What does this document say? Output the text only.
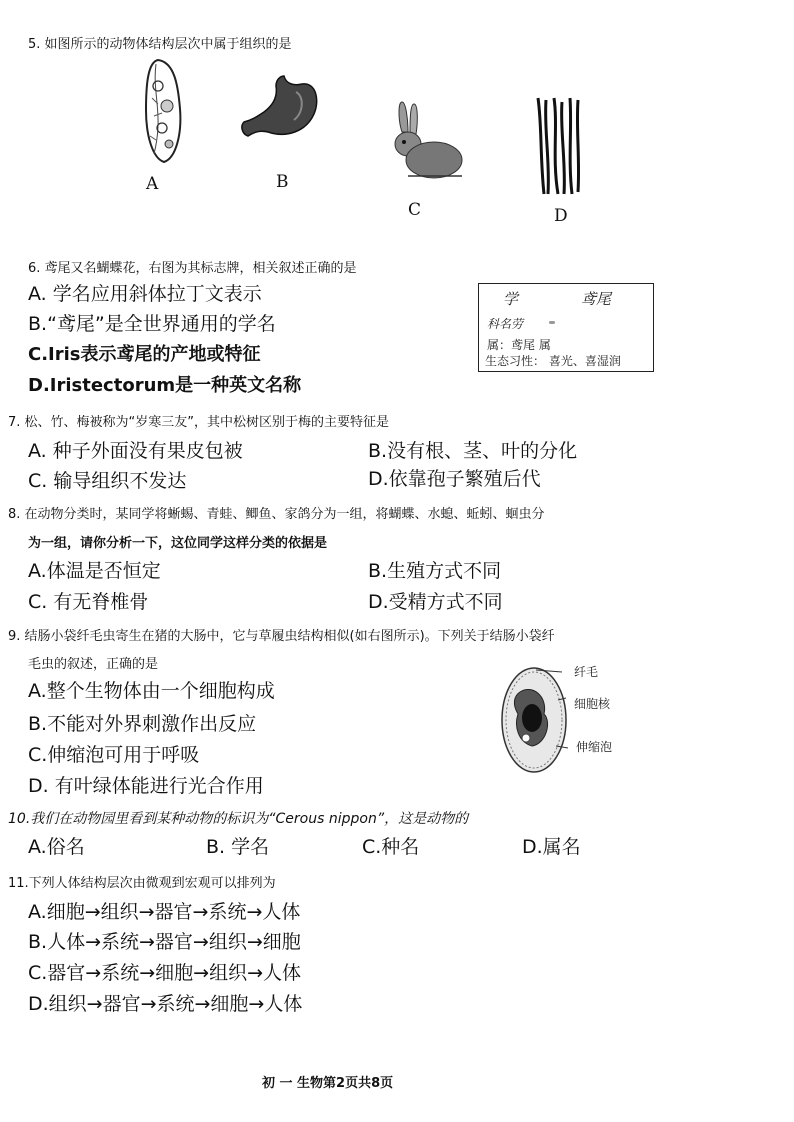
5. 如图所示的动物体结构层次中属于组织的是
A	B
C	D
6. 鸢尾又名蝴蝶花，右图为其标志牌，相关叙述正确的是
A. 学名应用斜体拉丁文表示
B.“鸢尾”是全世界通用的学名
C.Iris表示鸢尾的产地或特征
D.Iristectorum是一种英文名称
学	鸢尾
科名劳
属：鸢尾 属
生态习性： 喜光、喜湿润
7. 松、竹、梅被称为“岁寒三友”，其中松树区别于梅的主要特征是
A. 种子外面没有果皮包被	B.没有根、茎、叶的分化
C. 输导组织不发达	D.依靠孢子繁殖后代
8. 在动物分类时，某同学将蜥蜴、青蛙、鲫鱼、家鸽分为一组，将蝴蝶、水螅、蚯蚓、蛔虫分
为一组，请你分析一下，这位同学这样分类的依据是
A.体温是否恒定	B.生殖方式不同
C. 有无脊椎骨	D.受精方式不同
9. 结肠小袋纤毛虫寄生在猪的大肠中，它与草履虫结构相似(如右图所示)。下列关于结肠小袋纤
毛虫的叙述，正确的是
A.整个生物体由一个细胞构成
B.不能对外界刺激作出反应
C.伸缩泡可用于呼吸
D. 有叶绿体能进行光合作用
纤毛
细胞核
伸缩泡
10.我们在动物园里看到某种动物的标识为“Cerous nippon”，这是动物的
A.俗名	B. 学名	C.种名	D.属名
11.下列人体结构层次由微观到宏观可以排列为
A.细胞→组织→器官→系统→人体
B.人体→系统→器官→组织→细胞
C.器官→系统→细胞→组织→人体
D.组织→器官→系统→细胞→人体
初 一 生物第2页共8页
